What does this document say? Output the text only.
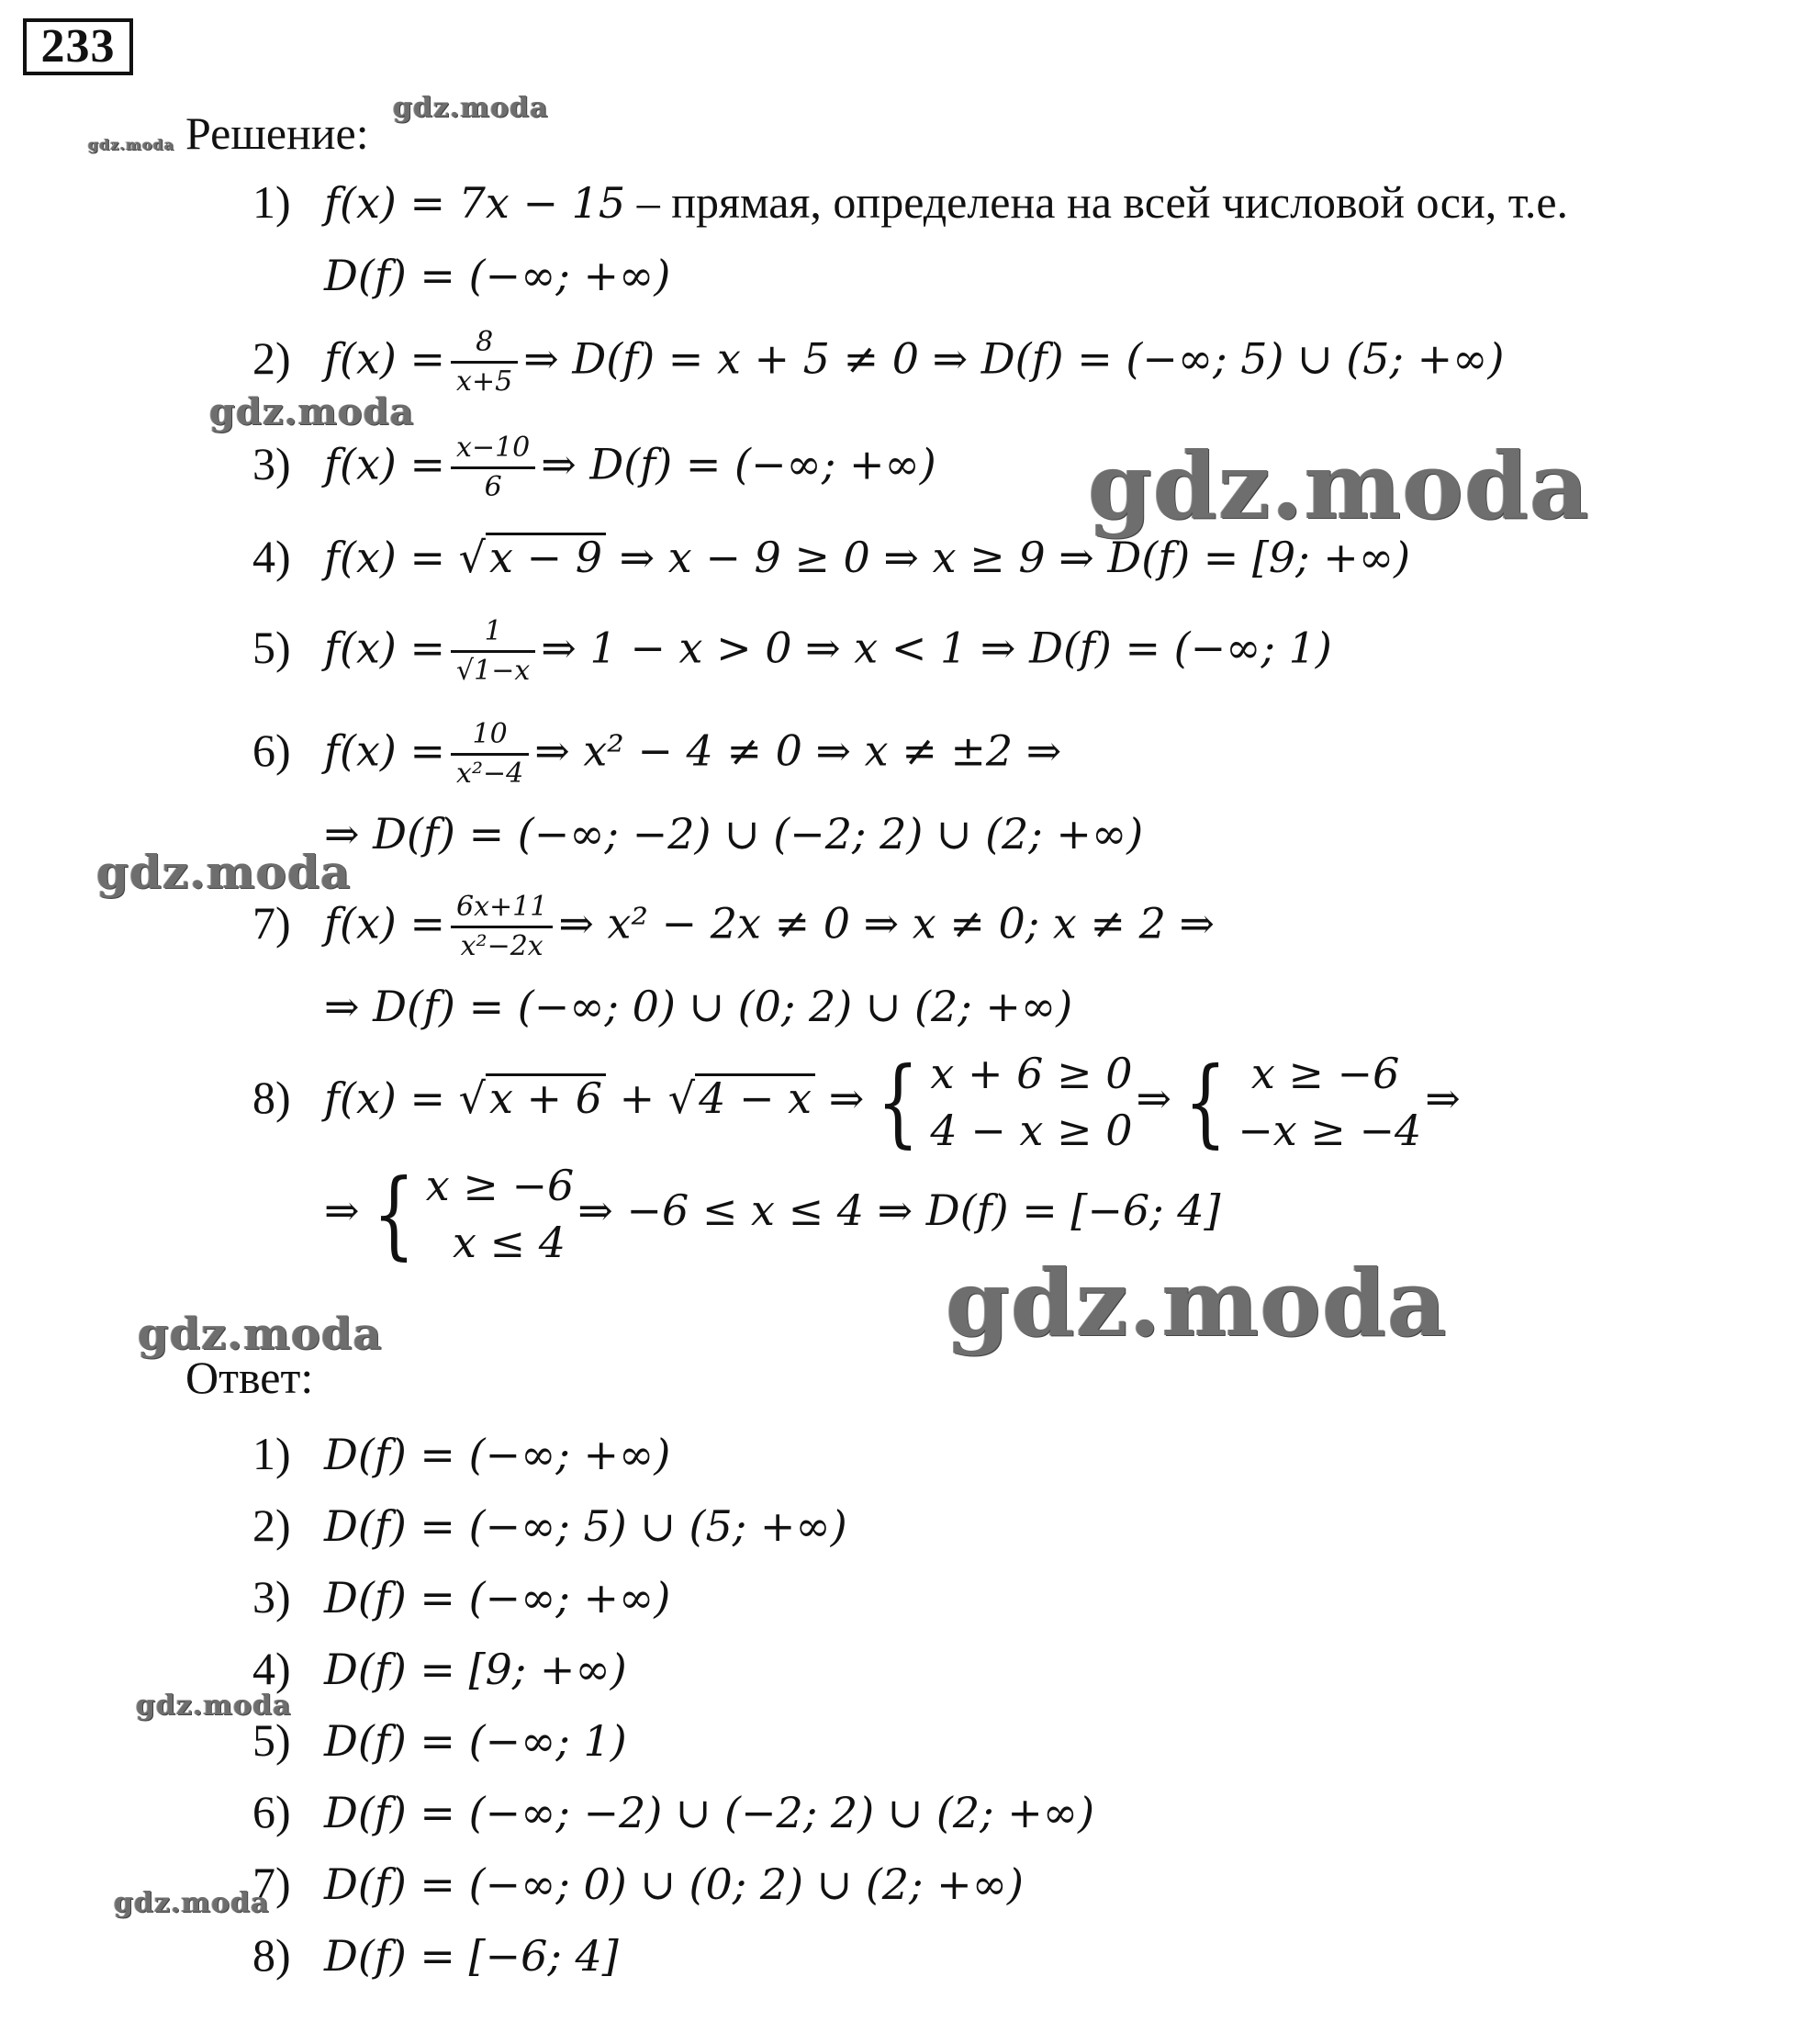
233
Решение:
1) f(x) = 7x − 15 – прямая, определена на всей числовой оси, т.е.
D(f) = (−∞; +∞)
2) $f(x) = \frac{8}{x+5}$ ⇒ D(f) = x + 5 ≠ 0 ⇒ D(f) = (−∞; 5) ∪ (5; +∞)
3) $f(x) = \frac{x-10}{6}$ ⇒ D(f) = (−∞; +∞)
4) f(x) = √x − 9 ⇒ x − 9 ≥ 0 ⇒ x ≥ 9 ⇒ D(f) = [9; +∞)
5) $f(x) = \frac{1}{√1-x}$ ⇒ 1 − x > 0 ⇒ x < 1 ⇒ D(f) = (−∞; 1)
6) $f(x) = \frac{10}{\text{x²−4}}$ ⇒ x² − 4 ≠ 0 ⇒ x ≠ ±2 ⇒
⇒ D(f) = (−∞; −2) ∪ (−2; 2) ∪ (2; +∞)
7) $f(x) = \frac{6x+11}{\text{x²−2x}}$ ⇒ x² − 2x ≠ 0 ⇒ x ≠ 0; x ≠ 2 ⇒
⇒ D(f) = (−∞; 0) ∪ (0; 2) ∪ (2; +∞)
8) f(x) = √x + 6 + √4 − x ⇒ { x + 6 ≥ 0
4 − x ≥ 0
⇒ { x ≥ −6
−x ≥ −4
⇒
⇒ { x ≥ −6
x ≤ 4
⇒ −6 ≤ x ≤ 4 ⇒ D(f) = [−6; 4]
Ответ:
1) D(f) = (−∞; +∞)
2) D(f) = (−∞; 5) ∪ (5; +∞)
3) D(f) = (−∞; +∞)
4) D(f) = [9; +∞)
5) D(f) = (−∞; 1)
6) D(f) = (−∞; −2) ∪ (−2; 2) ∪ (2; +∞)
7) D(f) = (−∞; 0) ∪ (0; 2) ∪ (2; +∞)
8) D(f) = [−6; 4]
gdz.moda
gdz.moda
gdz.moda
gdz.moda
gdz.moda
gdz.moda
gdz.moda
gdz.moda
gdz.moda
